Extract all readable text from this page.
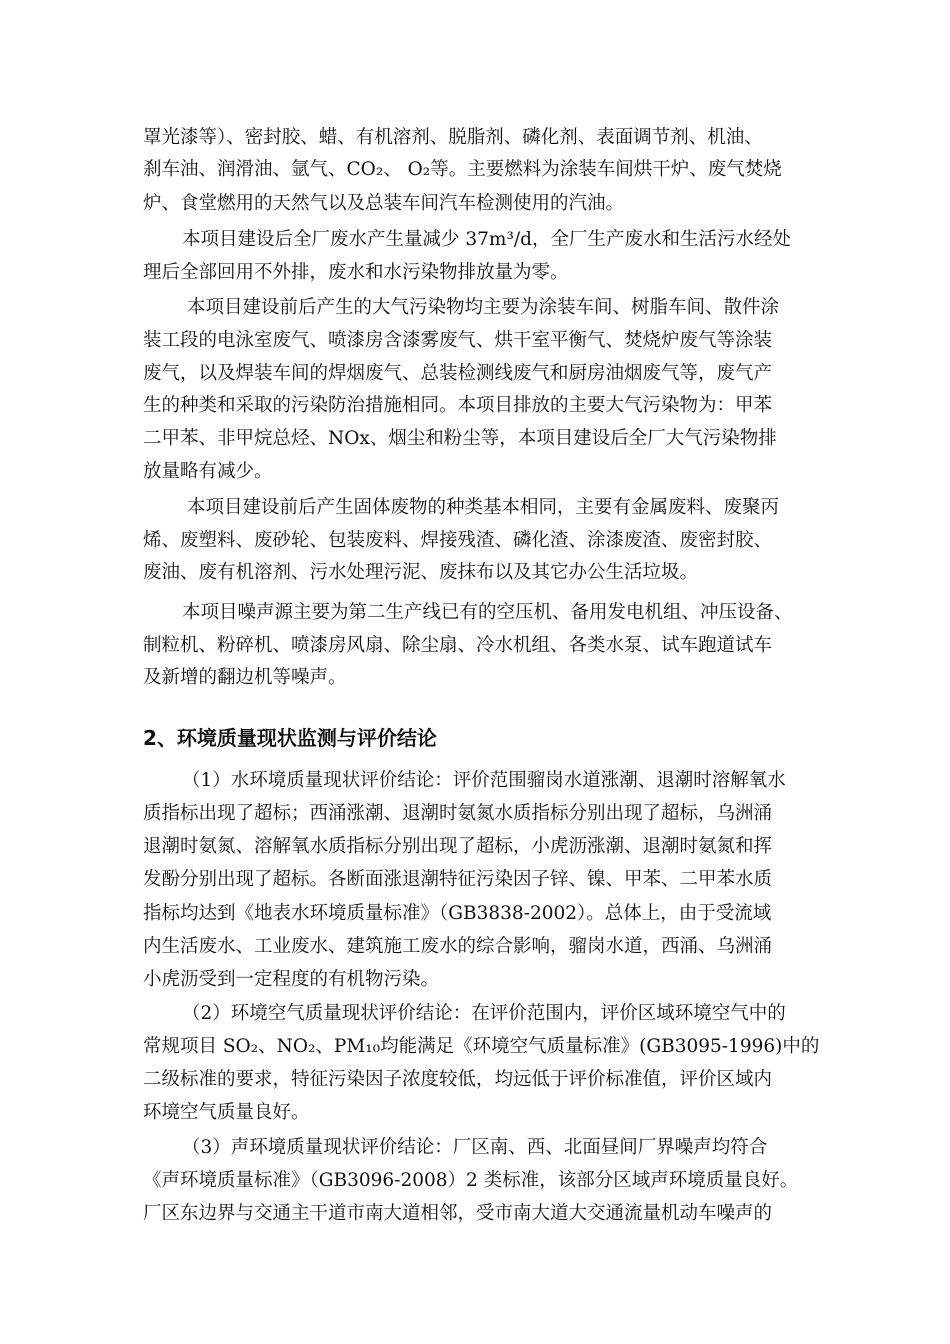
罩光漆等）、密封胶、蜡、有机溶剂、脱脂剂、磷化剂、表面调节剂、机油、
刹车油、润滑油、氩气、CO₂、 O₂等。主要燃料为涂装车间烘干炉、废气焚烧
炉、食堂燃用的天然气以及总装车间汽车检测使用的汽油。
本项目建设后全厂废水产生量减少 37m³/d，全厂生产废水和生活污水经处
理后全部回用不外排，废水和水污染物排放量为零。
本项目建设前后产生的大气污染物均主要为涂装车间、树脂车间、散件涂
装工段的电泳室废气、喷漆房含漆雾废气、烘干室平衡气、焚烧炉废气等涂装
废气，以及焊装车间的焊烟废气、总装检测线废气和厨房油烟废气等，废气产
生的种类和采取的污染防治措施相同。本项目排放的主要大气污染物为：甲苯
二甲苯、非甲烷总烃、NOx、烟尘和粉尘等，本项目建设后全厂大气污染物排
放量略有减少。
本项目建设前后产生固体废物的种类基本相同，主要有金属废料、废聚丙
烯、废塑料、废砂轮、包装废料、焊接残渣、磷化渣、涂漆废渣、废密封胶、
废油、废有机溶剂、污水处理污泥、废抹布以及其它办公生活垃圾。
本项目噪声源主要为第二生产线已有的空压机、备用发电机组、冲压设备、
制粒机、粉碎机、喷漆房风扇、除尘扇、冷水机组、各类水泵、试车跑道试车
及新增的翻边机等噪声。
2、环境质量现状监测与评价结论
（1）水环境质量现状评价结论：评价范围骝岗水道涨潮、退潮时溶解氧水
质指标出现了超标；西涌涨潮、退潮时氨氮水质指标分别出现了超标，乌洲涌
退潮时氨氮、溶解氧水质指标分别出现了超标，小虎沥涨潮、退潮时氨氮和挥
发酚分别出现了超标。各断面涨退潮特征污染因子锌、镍、甲苯、二甲苯水质
指标均达到《地表水环境质量标准》（GB3838-2002）。总体上，由于受流域
内生活废水、工业废水、建筑施工废水的综合影响，骝岗水道，西涌、乌洲涌
小虎沥受到一定程度的有机物污染。
（2）环境空气质量现状评价结论：在评价范围内，评价区域环境空气中的
常规项目 SO₂、NO₂、PM₁₀均能满足《环境空气质量标准》(GB3095-1996)中的
二级标准的要求，特征污染因子浓度较低，均远低于评价标准值，评价区域内
环境空气质量良好。
（3）声环境质量现状评价结论：厂区南、西、北面昼间厂界噪声均符合
《声环境质量标准》（GB3096-2008）2 类标准，该部分区域声环境质量良好。
厂区东边界与交通主干道市南大道相邻，受市南大道大交通流量机动车噪声的
